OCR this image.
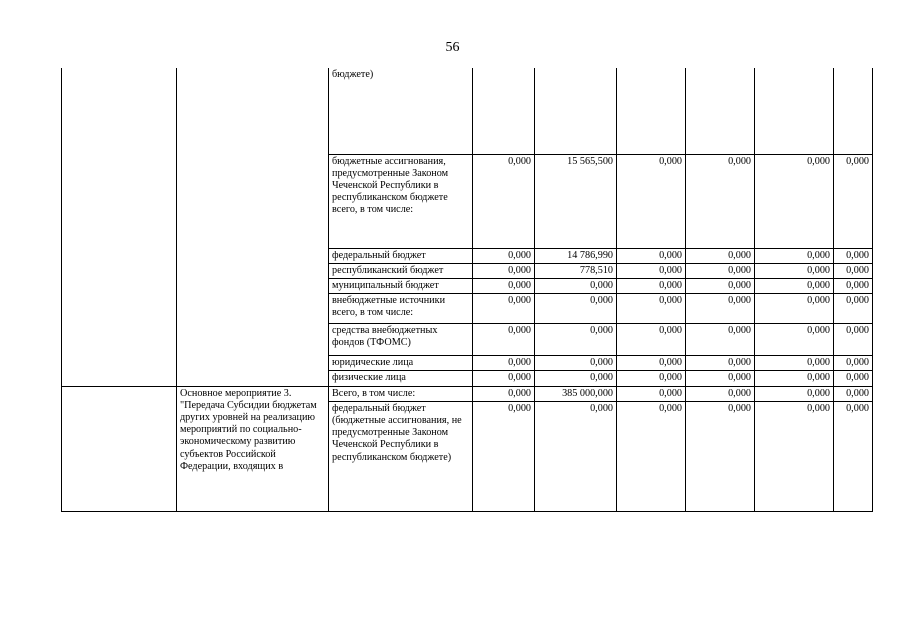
56
		бюджете)						
		бюджетные ассигнования, предусмотренные Законом Чеченской Республики в республиканском бюджете всего, в том числе:	0,000	15 565,500	0,000	0,000	0,000	0,000
		федеральный бюджет	0,000	14 786,990	0,000	0,000	0,000	0,000
		республиканский бюджет	0,000	778,510	0,000	0,000	0,000	0,000
		муниципальный бюджет	0,000	0,000	0,000	0,000	0,000	0,000
		внебюджетные источники всего, в том числе:	0,000	0,000	0,000	0,000	0,000	0,000
		средства внебюджетных фондов (ТФОМС)	0,000	0,000	0,000	0,000	0,000	0,000
		юридические лица	0,000	0,000	0,000	0,000	0,000	0,000
		физические лица	0,000	0,000	0,000	0,000	0,000	0,000
	Основное мероприятие 3. "Передача Субсидии бюджетам других уровней на реализацию мероприятий по социально-экономическому развитию субъектов Российской Федерации, входящих в	Всего, в том числе:	0,000	385 000,000	0,000	0,000	0,000	0,000
		федеральный бюджет (бюджетные ассигнования, не предусмотренные Законом Чеченской Республики в республиканском бюджете)	0,000	0,000	0,000	0,000	0,000	0,000
